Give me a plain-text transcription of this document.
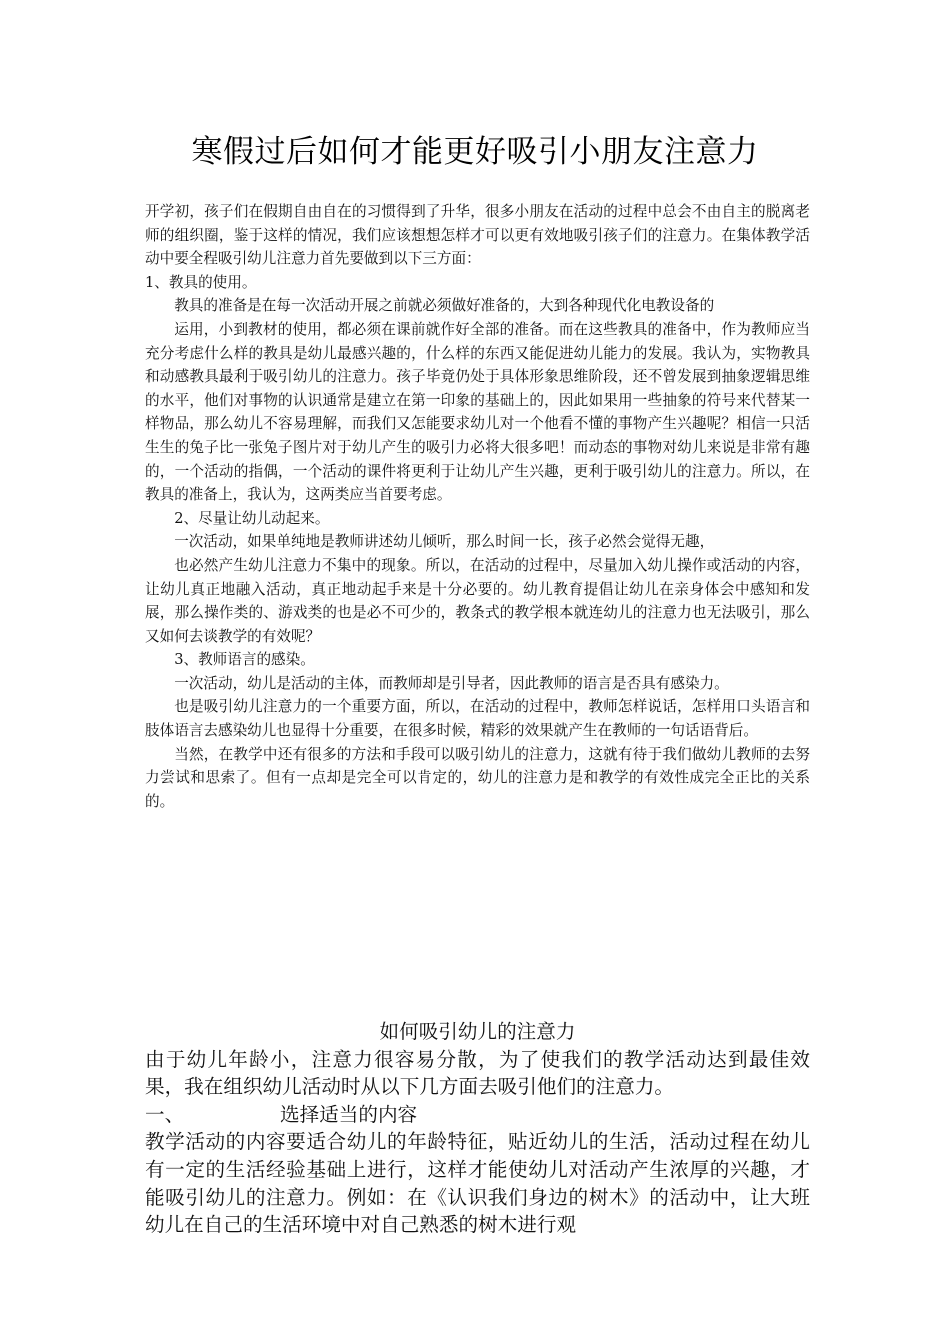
寒假过后如何才能更好吸引小朋友注意力

开学初，孩子们在假期自由自在的习惯得到了升华，很多小朋友在活动的过程中总会不由自主的脱离老师的组织圈，鉴于这样的情况，我们应该想想怎样才可以更有效地吸引孩子们的注意力。在集体教学活动中要全程吸引幼儿注意力首先要做到以下三方面：

1、教具的使用。

教具的准备是在每一次活动开展之前就必须做好准备的，大到各种现代化电教设备的

运用，小到教材的使用，都必须在课前就作好全部的准备。而在这些教具的准备中，作为教师应当充分考虑什么样的教具是幼儿最感兴趣的，什么样的东西又能促进幼儿能力的发展。我认为，实物教具和动感教具最利于吸引幼儿的注意力。孩子毕竟仍处于具体形象思维阶段，还不曾发展到抽象逻辑思维的水平，他们对事物的认识通常是建立在第一印象的基础上的，因此如果用一些抽象的符号来代替某一样物品，那么幼儿不容易理解，而我们又怎能要求幼儿对一个他看不懂的事物产生兴趣呢？相信一只活生生的兔子比一张兔子图片对于幼儿产生的吸引力必将大很多吧！而动态的事物对幼儿来说是非常有趣的，一个活动的指偶，一个活动的课件将更利于让幼儿产生兴趣，更利于吸引幼儿的注意力。所以，在教具的准备上，我认为，这两类应当首要考虑。

2、尽量让幼儿动起来。

一次活动，如果单纯地是教师讲述幼儿倾听，那么时间一长，孩子必然会觉得无趣，

也必然产生幼儿注意力不集中的现象。所以，在活动的过程中，尽量加入幼儿操作或活动的内容，让幼儿真正地融入活动，真正地动起手来是十分必要的。幼儿教育提倡让幼儿在亲身体会中感知和发展，那么操作类的、游戏类的也是必不可少的，教条式的教学根本就连幼儿的注意力也无法吸引，那么又如何去谈教学的有效呢？

3、教师语言的感染。

一次活动，幼儿是活动的主体，而教师却是引导者，因此教师的语言是否具有感染力。

也是吸引幼儿注意力的一个重要方面，所以，在活动的过程中，教师怎样说话，怎样用口头语言和肢体语言去感染幼儿也显得十分重要，在很多时候，精彩的效果就产生在教师的一句话语背后。

当然，在教学中还有很多的方法和手段可以吸引幼儿的注意力，这就有待于我们做幼儿教师的去努力尝试和思索了。但有一点却是完全可以肯定的，幼儿的注意力是和教学的有效性成完全正比的关系的。

如何吸引幼儿的注意力

由于幼儿年龄小，注意力很容易分散，为了使我们的教学活动达到最佳效果，我在组织幼儿活动时从以下几方面去吸引他们的注意力。

一、	选择适当的内容

教学活动的内容要适合幼儿的年龄特征，贴近幼儿的生活，活动过程在幼儿有一定的生活经验基础上进行，这样才能使幼儿对活动产生浓厚的兴趣，才能吸引幼儿的注意力。例如：在《认识我们身边的树木》的活动中，让大班幼儿在自己的生活环境中对自己熟悉的树木进行观
